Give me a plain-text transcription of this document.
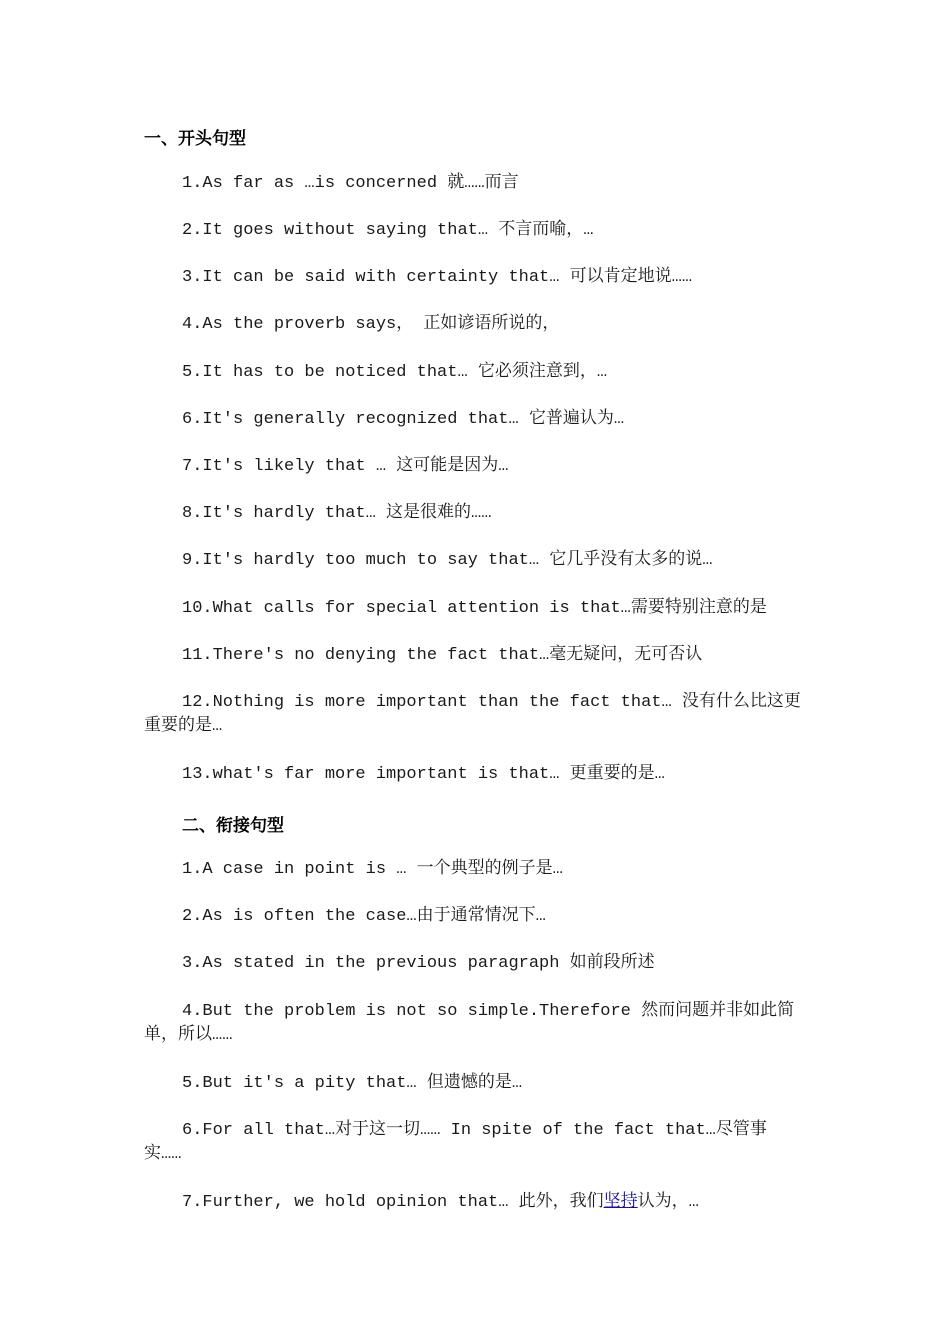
一、开头句型
1.As far as …is concerned 就……而言
2.It goes without saying that… 不言而喻，…
3.It can be said with certainty that… 可以肯定地说……
4.As the proverb says， 正如谚语所说的，
5.It has to be noticed that… 它必须注意到，…
6.It's generally recognized that… 它普遍认为…
7.It's likely that … 这可能是因为…
8.It's hardly that… 这是很难的……
9.It's hardly too much to say that… 它几乎没有太多的说…
10.What calls for special attention is that…需要特别注意的是
11.There's no denying the fact that…毫无疑问，无可否认
12.Nothing is more important than the fact that… 没有什么比这更重要的是…
13.what's far more important is that… 更重要的是…
二、衔接句型
1.A case in point is … 一个典型的例子是…
2.As is often the case…由于通常情况下…
3.As stated in the previous paragraph 如前段所述
4.But the problem is not so simple.Therefore 然而问题并非如此简单，所以……
5.But it's a pity that… 但遗憾的是…
6.For all that…对于这一切…… In spite of the fact that…尽管事实……
7.Further, we hold opinion that… 此外，我们坚持认为，…
